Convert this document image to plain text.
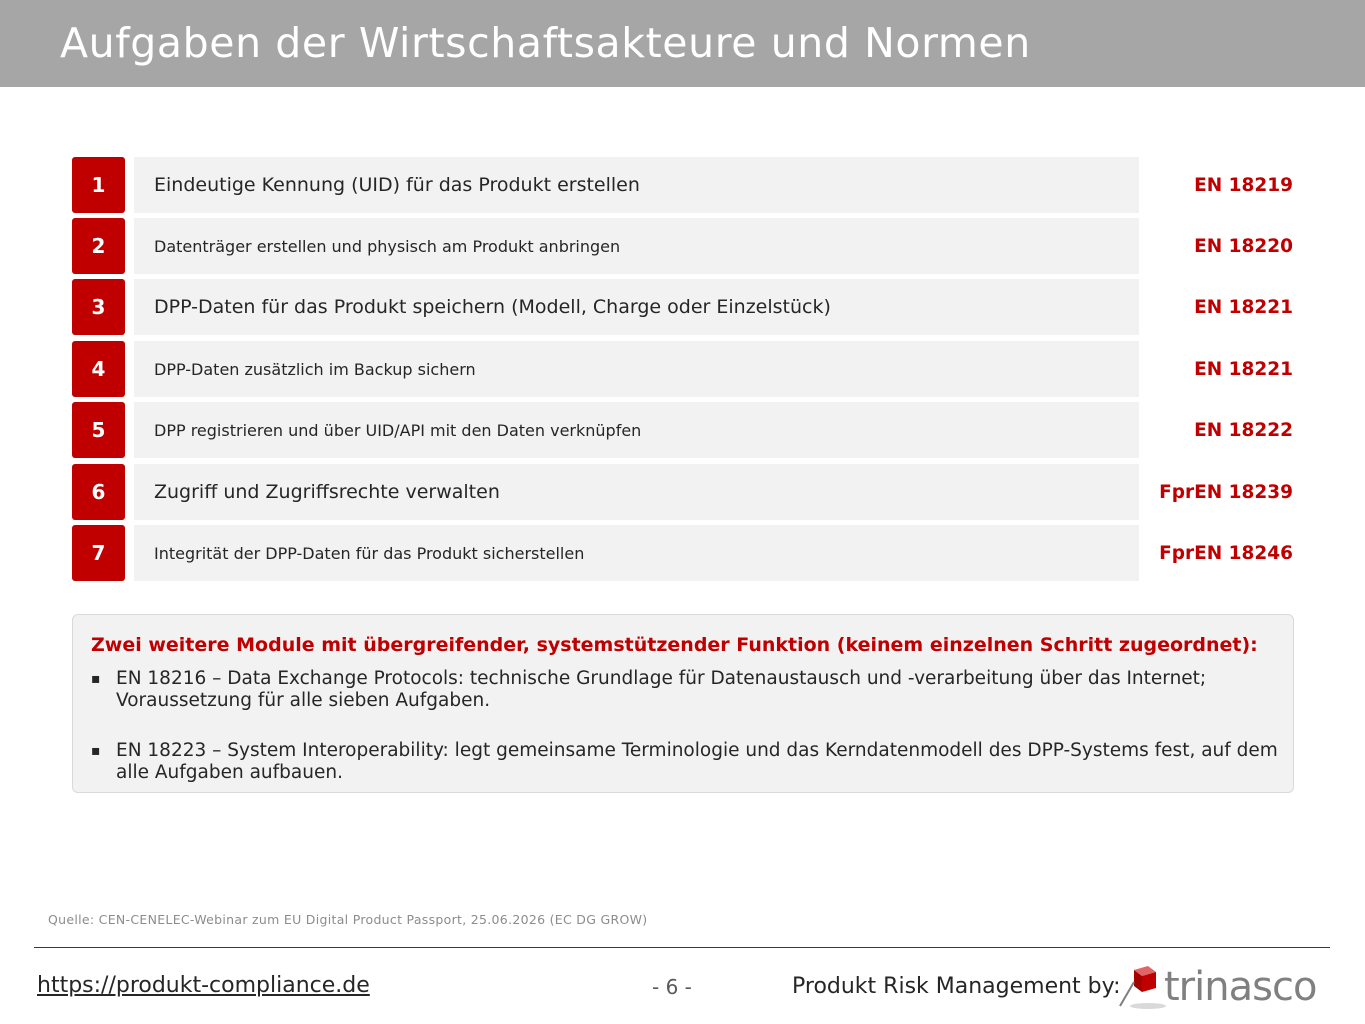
Aufgaben der Wirtschaftsakteure und Normen
1	Eindeutige Kennung (UID) für das Produkt erstellen	EN 18219
2	Datenträger erstellen und physisch am Produkt anbringen	EN 18220
3	DPP-Daten für das Produkt speichern (Modell, Charge oder Einzelstück)	EN 18221
4	DPP-Daten zusätzlich im Backup sichern	EN 18221
5	DPP registrieren und über UID/API mit den Daten verknüpfen	EN 18222
6	Zugriff und Zugriffsrechte verwalten	FprEN 18239
7	Integrität der DPP-Daten für das Produkt sicherstellen	FprEN 18246
Zwei weitere Module mit übergreifender, systemstützender Funktion (keinem einzelnen Schritt zugeordnet):
▪ EN 18216 – Data Exchange Protocols: technische Grundlage für Datenaustausch und -verarbeitung über das Internet; Voraussetzung für alle sieben Aufgaben.
▪ EN 18223 – System Interoperability: legt gemeinsame Terminologie und das Kerndatenmodell des DPP-Systems fest, auf dem alle Aufgaben aufbauen.
Quelle: CEN-CENELEC-Webinar zum EU Digital Product Passport, 25.06.2026 (EC DG GROW)
https://produkt-compliance.de	- 6 -	Produkt Risk Management by: trinasco
